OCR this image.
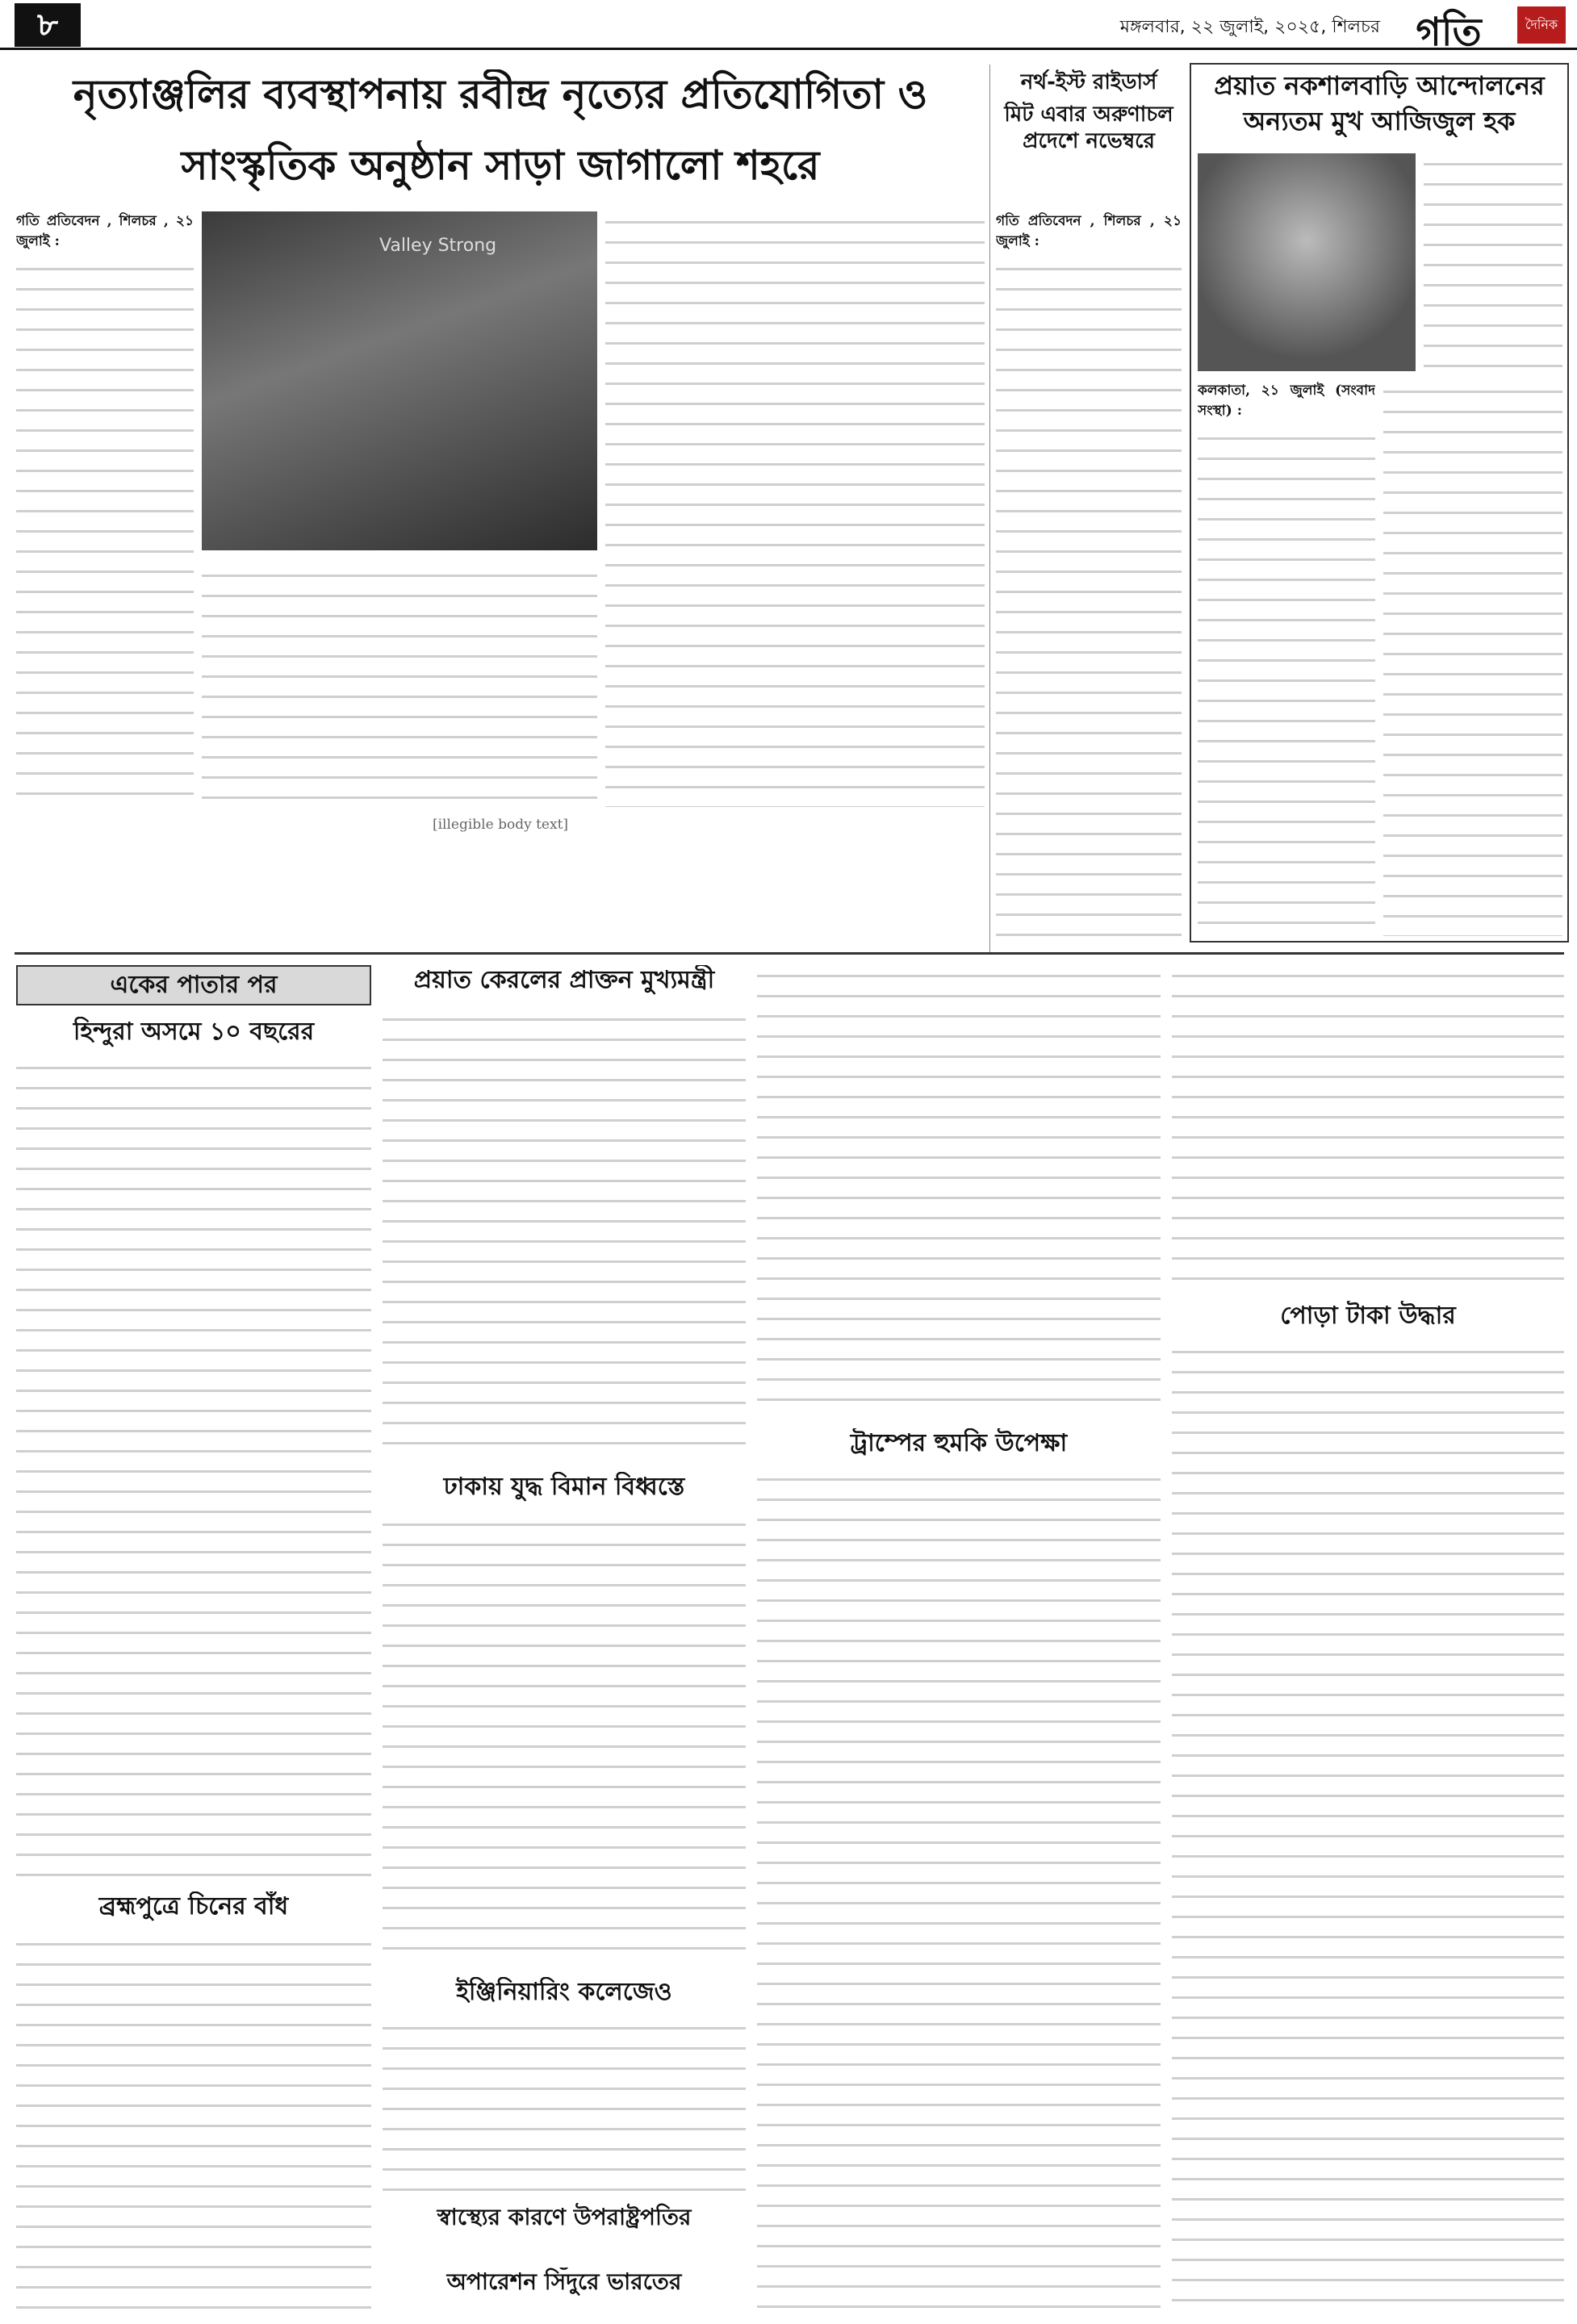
৮	মঙ্গলবার, ২২ জুলাই, ২০২৫, শিলচর গতি	দৈনিক
নৃত্যাঞ্জলির ব্যবস্থাপনায় রবীন্দ্র নৃত্যের প্রতিযোগিতা ও
সাংস্কৃতিক অনুষ্ঠান সাড়া জাগালো শহরে
গতি প্রতিবেদন , শিলচর , ২১ জুলাই :	Valley Strong
[illegible body text]
নর্থ-ইস্ট রাইডার্স
মিট এবার অরুণাচল প্রদেশে নভেম্বরে
গতি প্রতিবেদন , শিলচর , ২১ জুলাই :
প্রয়াত নকশালবাড়ি আন্দোলনের
অন্যতম মুখ আজিজুল হক
কলকাতা, ২১ জুলাই (সংবাদ সংস্থা) :
একের পাতার পর
হিন্দুরা অসমে ১০ বছরের
ব্রহ্মপুত্রে চিনের বাঁধ
প্রয়াত কেরলের প্রাক্তন মুখ্যমন্ত্রী
ঢাকায় যুদ্ধ বিমান বিধ্বস্তে
ইঞ্জিনিয়ারিং কলেজেও
স্বাস্থ্যের কারণে উপরাষ্ট্রপতির
অপারেশন সিঁদুরে ভারতের
ট্রাম্পের হুমকি উপেক্ষা
পোড়া টাকা উদ্ধার
